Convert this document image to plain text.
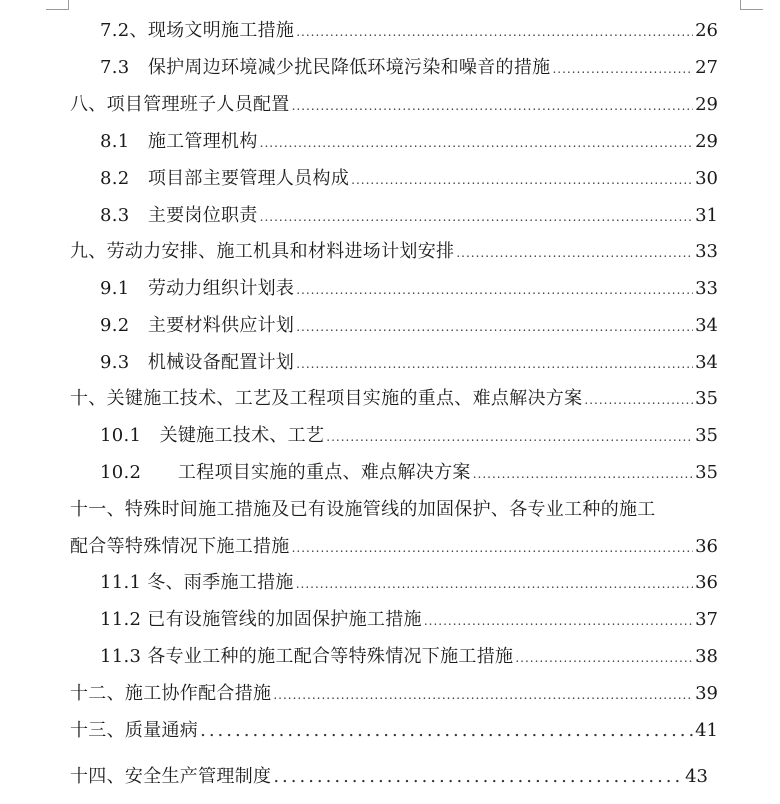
7.2、现场文明施工措施 .....	26
7.3　保护周边环境减少扰民降低环境污染和噪音的措施 .....	27
八、项目管理班子人员配置 .....	29
8.1　施工管理机构 .....	29
8.2　项目部主要管理人员构成 .....	30
8.3　主要岗位职责 .....	31
九、劳动力安排、施工机具和材料进场计划安排 .....	33
9.1　劳动力组织计划表 .....	33
9.2　主要材料供应计划 .....	34
9.3　机械设备配置计划 .....	34
十、关键施工技术、工艺及工程项目实施的重点、难点解决方案 .....	35
10.1　关键施工技术、工艺 .....	35
10.2　　工程项目实施的重点、难点解决方案 .....	35
十一、特殊时间施工措施及已有设施管线的加固保护、各专业工种的施工
配合等特殊情况下施工措施 .....	36
11.1 冬、雨季施工措施 .....	36
11.2 已有设施管线的加固保护施工措施 .....	37
11.3 各专业工种的施工配合等特殊情况下施工措施 .....	38
十二、施工协作配合措施 .....	39
十三、质量通病 .....	41
十四、安全生产管理制度 .....	43
